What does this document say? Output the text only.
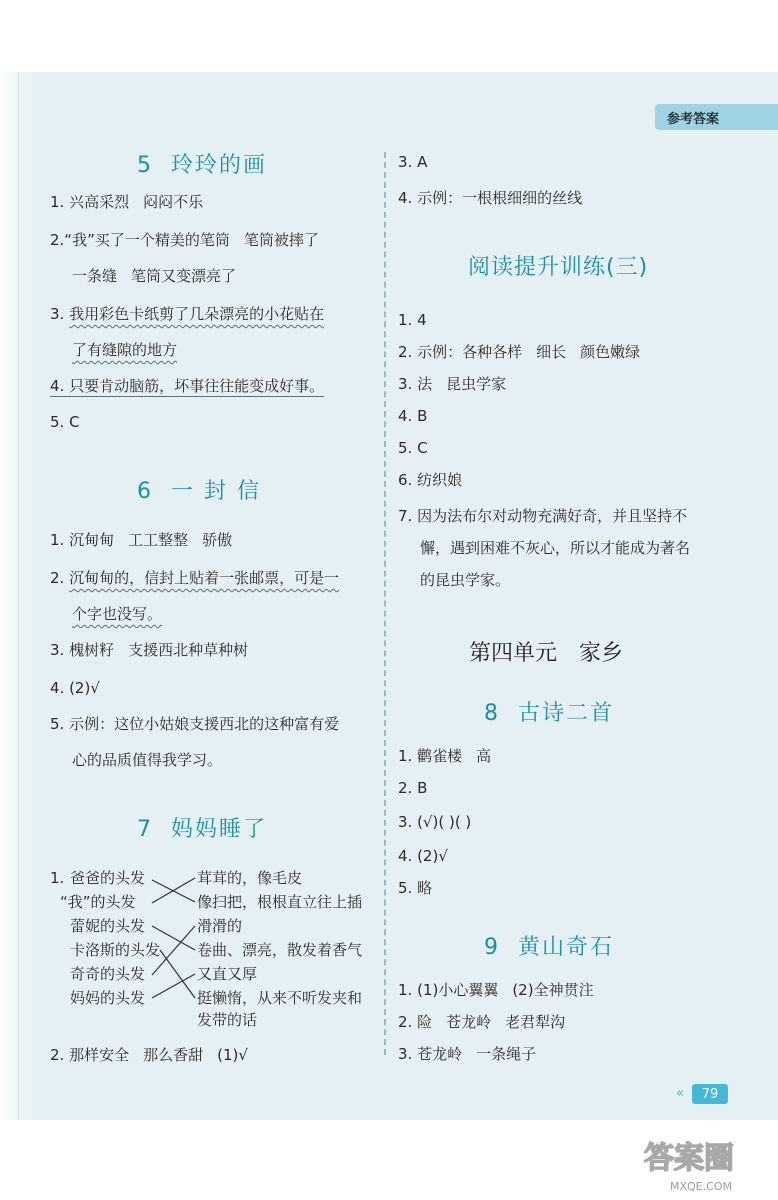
参考答案
5 玲玲的画
1. 兴高采烈 闷闷不乐
2.“我”买了一个精美的笔筒 笔筒被摔了
一条缝 笔筒又变漂亮了
3. 我用彩色卡纸剪了几朵漂亮的小花贴在
了有缝隙的地方
4. 只要肯动脑筋，坏事往往能变成好事。
5. C
6 一 封 信
1. 沉甸甸 工工整整 骄傲
2. 沉甸甸的，信封上贴着一张邮票，可是一
个字也没写。
3. 槐树籽 支援西北种草种树
4. (2)√
5. 示例：这位小姑娘支援西北的这种富有爱
心的品质值得我学习。
7 妈妈睡了
1. 爸爸的头发
“我”的头发
蕾妮的头发
卡洛斯的头发
奇奇的头发
妈妈的头发
茸茸的，像毛皮
像扫把，根根直立往上插
滑滑的
卷曲、漂亮，散发着香气
又直又厚
挺懒惰，从来不听发夹和
发带的话
2. 那样安全 那么香甜 (1)√
3. A
4. 示例：一根根细细的丝线
阅读提升训练(三)
1. 4
2. 示例：各种各样 细长 颜色嫩绿
3. 法 昆虫学家
4. B
5. C
6. 纺织娘
7. 因为法布尔对动物充满好奇，并且坚持不
懈，遇到困难不灰心，所以才能成为著名
的昆虫学家。
第四单元 家乡
8 古诗二首
1. 鹳雀楼 高
2. B
3. (√)( )( )
4. (2)√
5. 略
9 黄山奇石
1. (1)小心翼翼 (2)全神贯注
2. 险 苍龙岭 老君犁沟
3. 苍龙岭 一条绳子
«	79
答案圈
MXQE.COM
